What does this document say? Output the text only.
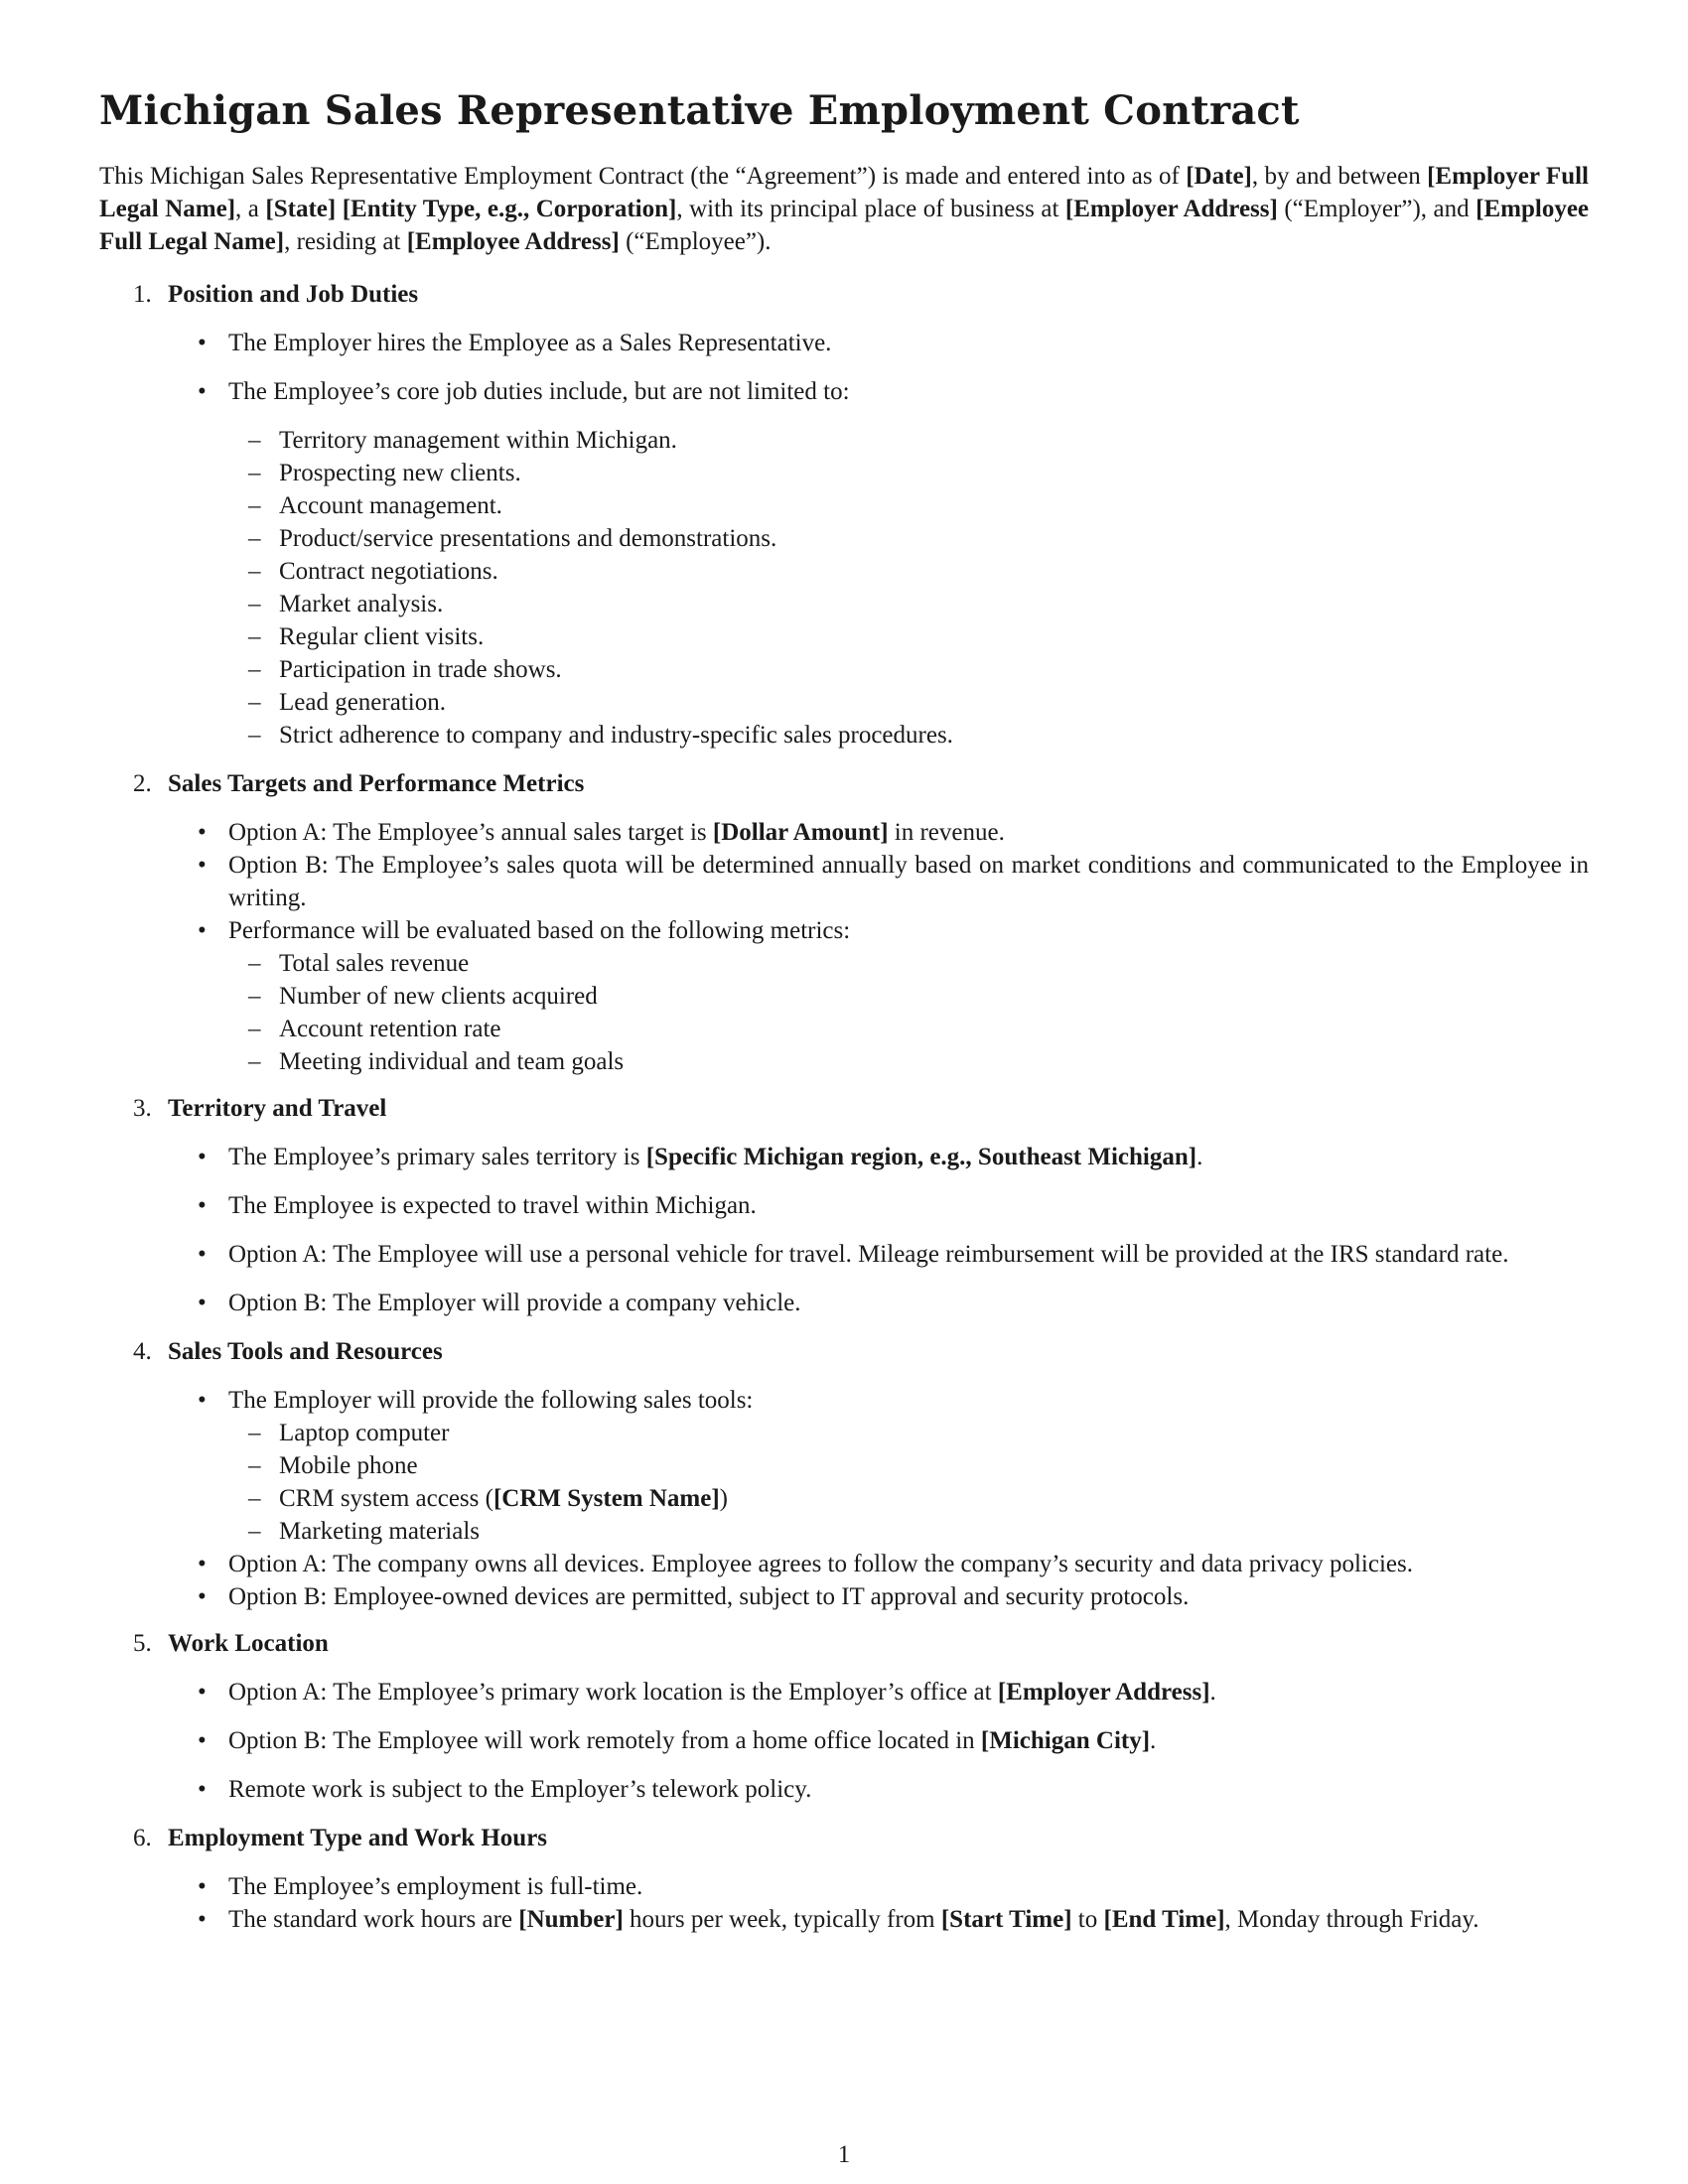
Michigan Sales Representative Employment Contract

This Michigan Sales Representative Employment Contract (the “Agreement”) is made and entered into as of [Date], by and between [Employer Full Legal Name], a [State] [Entity Type, e.g., Corporation], with its principal place of business at [Employer Address] (“Employer”), and [Employee Full Legal Name], residing at [Employee Address] (“Employee”).

1. Position and Job Duties
• The Employer hires the Employee as a Sales Representative.
• The Employee’s core job duties include, but are not limited to:
– Territory management within Michigan.
– Prospecting new clients.
– Account management.
– Product/service presentations and demonstrations.
– Contract negotiations.
– Market analysis.
– Regular client visits.
– Participation in trade shows.
– Lead generation.
– Strict adherence to company and industry-specific sales procedures.
2. Sales Targets and Performance Metrics
• Option A: The Employee’s annual sales target is [Dollar Amount] in revenue.
• Option B: The Employee’s sales quota will be determined annually based on market conditions and communicated to the Employee in writing.
• Performance will be evaluated based on the following metrics:
– Total sales revenue
– Number of new clients acquired
– Account retention rate
– Meeting individual and team goals
3. Territory and Travel
• The Employee’s primary sales territory is [Specific Michigan region, e.g., Southeast Michigan].
• The Employee is expected to travel within Michigan.
• Option A: The Employee will use a personal vehicle for travel. Mileage reimbursement will be provided at the IRS standard rate.
• Option B: The Employer will provide a company vehicle.
4. Sales Tools and Resources
• The Employer will provide the following sales tools:
– Laptop computer
– Mobile phone
– CRM system access ([CRM System Name])
– Marketing materials
• Option A: The company owns all devices. Employee agrees to follow the company’s security and data privacy policies.
• Option B: Employee-owned devices are permitted, subject to IT approval and security protocols.
5. Work Location
• Option A: The Employee’s primary work location is the Employer’s office at [Employer Address].
• Option B: The Employee will work remotely from a home office located in [Michigan City].
• Remote work is subject to the Employer’s telework policy.
6. Employment Type and Work Hours
• The Employee’s employment is full-time.
• The standard work hours are [Number] hours per week, typically from [Start Time] to [End Time], Monday through Friday.
1
